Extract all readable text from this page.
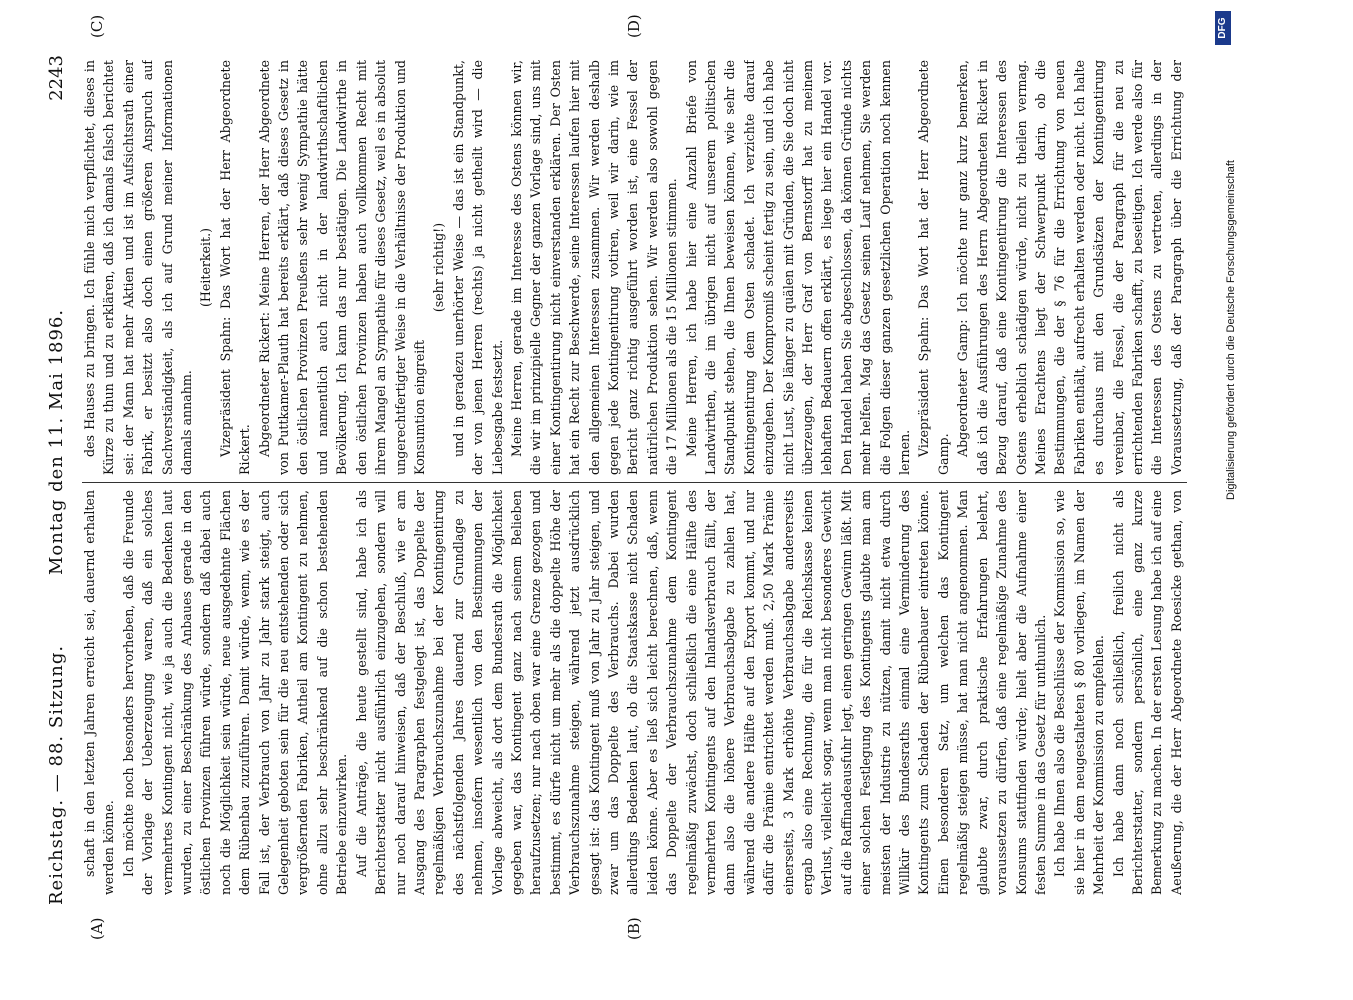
Reichstag. — 88. Sitzung.
Montag den 11. Mai 1896.
2243
(A)	(B)
(C)	(D)

schaft in den letzten Jahren erreicht sei, dauernd erhalten werden könne. Ich möchte noch besonders hervorheben, daß die Freunde der Vorlage der Ueberzeugung waren, daß ein solches vermehrtes Kontingent nicht, wie ja auch die Bedenken laut wurden, zu einer Beschränkung des Anbaues gerade in den östlichen Provinzen führen würde, sondern daß dabei auch noch die Möglichkeit sein würde, neue ausgedehnte Flächen dem Rübenbau zuzuführen. Damit würde, wenn, wie es der Fall ist, der Verbrauch von Jahr zu Jahr stark steigt, auch Gelegenheit geboten sein für die neu entstehenden oder sich vergrößernden Fabriken, Antheil am Kontingent zu nehmen, ohne allzu sehr beschränkend auf die schon bestehenden Betriebe einzuwirken. Auf die Anträge, die heute gestellt sind, habe ich als Berichterstatter nicht ausführlich einzugehen, sondern will nur noch darauf hinweisen, daß der Beschluß, wie er am Ausgang des Paragraphen festgelegt ist, das Doppelte der regelmäßigen Verbrauchszunahme bei der Kontingentirung des nächstfolgenden Jahres dauernd zur Grundlage zu nehmen, insofern wesentlich von den Bestimmungen der Vorlage abweicht, als dort dem Bundesrath die Möglichkeit gegeben war, das Kontingent ganz nach seinem Belieben heraufzusetzen; nur nach oben war eine Grenze gezogen und bestimmt, es dürfe nicht um mehr als die doppelte Höhe der Verbrauchszunahme steigen, während jetzt ausdrücklich gesagt ist: das Kontingent muß von Jahr zu Jahr steigen, und zwar um das Doppelte des Verbrauchs. Dabei wurden allerdings Bedenken laut, ob die Staatskasse nicht Schaden leiden könne. Aber es ließ sich leicht berechnen, daß, wenn das Doppelte der Verbrauchszunahme dem Kontingent regelmäßig zuwächst, doch schließlich die eine Hälfte des vermehrten Kontingents auf den Inlandsverbrauch fällt, der dann also die höhere Verbrauchsabgabe zu zahlen hat, während die andere Hälfte auf den Export kommt, und nur dafür die Prämie entrichtet werden muß. 2,50 Mark Prämie einerseits, 3 Mark erhöhte Verbrauchsabgabe andererseits ergab also eine Rechnung, die für die Reichskasse keinen Verlust, vielleicht sogar, wenn man nicht besonderes Gewicht auf die Raffinadeausfuhr legt, einen geringen Gewinn läßt. Mit einer solchen Festlegung des Kontingents glaubte man am meisten der Industrie zu nützen, damit nicht etwa durch Willkür des Bundesraths einmal eine Verminderung des Kontingents zum Schaden der Rübenbauer eintreten könne. Einen besonderen Satz, um welchen das Kontingent regelmäßig steigen müsse, hat man nicht angenommen. Man glaubte zwar, durch praktische Erfahrungen belehrt, voraussetzen zu dürfen, daß eine regelmäßige Zunahme des Konsums stattfinden würde; hielt aber die Aufnahme einer festen Summe in das Gesetz für unthunlich. Ich habe Ihnen also die Beschlüsse der Kommission so, wie sie hier in dem neugestalteten § 80 vorliegen, im Namen der Mehrheit der Kommission zu empfehlen. Ich habe dann noch schließlich, freilich nicht als Berichterstatter, sondern persönlich, eine ganz kurze Bemerkung zu machen. In der ersten Lesung habe ich auf eine Aeußerung, die der Herr Abgeordnete Roesicke gethan, von

des Hauses zu bringen. Ich fühle mich verpflichtet, dieses in Kürze zu thun und zu erklären, daß ich damals falsch berichtet sei: der Mann hat mehr Aktien und ist im Aufsichtsrath einer Fabrik, er besitzt also doch einen größeren Anspruch auf Sachverständigkeit, als ich auf Grund meiner Informationen damals annahm.

(Heiterkeit.) Vizepräsident Spahn: Das Wort hat der Herr Abgeordnete Rickert. Abgeordneter Rickert: Meine Herren, der Herr Abgeordnete von Puttkamer-Plauth hat bereits erklärt, daß dieses Gesetz in den östlichen Provinzen Preußens sehr wenig Sympathie hätte und namentlich auch nicht in der landwirthschaftlichen Bevölkerung. Ich kann das nur bestätigen. Die Landwirthe in den östlichen Provinzen haben auch vollkommen Recht mit ihrem Mangel an Sympathie für dieses Gesetz, weil es in absolut ungerechtfertigter Weise in die Verhältnisse der Produktion und Konsumtion eingreift

(sehr richtig!) und in geradezu unerhörter Weise — das ist ein Standpunkt, der von jenen Herren (rechts) ja nicht getheilt wird — die Liebesgabe festsetzt. Meine Herren, gerade im Interesse des Ostens können wir, die wir im prinzipielle Gegner der ganzen Vorlage sind, uns mit einer Kontingentirung nicht einverstanden erklären. Der Osten hat ein Recht zur Beschwerde, seine Interessen laufen hier mit den allgemeinen Interessen zusammen. Wir werden deshalb gegen jede Kontingentirung votiren, weil wir darin, wie im Bericht ganz richtig ausgeführt worden ist, eine Fessel der natürlichen Produktion sehen. Wir werden also sowohl gegen die 17 Millionen als die 15 Millionen stimmen. Meine Herren, ich habe hier eine Anzahl Briefe von Landwirthen, die im übrigen nicht auf unserem politischen Standpunkt stehen, die Ihnen beweisen können, wie sehr die Kontingentirung dem Osten schadet. Ich verzichte darauf einzugehen. Der Kompromiß scheint fertig zu sein, und ich habe nicht Lust, Sie länger zu quälen mit Gründen, die Sie doch nicht überzeugen, der Herr Graf von Bernstorff hat zu meinem lebhaften Bedauern offen erklärt, es liege hier ein Handel vor. Den Handel haben Sie abgeschlossen, da können Gründe nichts mehr helfen. Mag das Gesetz seinen Lauf nehmen, Sie werden die Folgen dieser ganzen gesetzlichen Operation noch kennen lernen. Vizepräsident Spahn: Das Wort hat der Herr Abgeordnete Gamp. Abgeordneter Gamp: Ich möchte nur ganz kurz bemerken, daß ich die Ausführungen des Herrn Abgeordneten Rickert in Bezug darauf, daß eine Kontingentirung die Interessen des Ostens erheblich schädigen würde, nicht zu theilen vermag. Meines Erachtens liegt der Schwerpunkt darin, ob die Bestimmungen, die der § 76 für die Errichtung von neuen Fabriken enthält, aufrecht erhalten werden oder nicht. Ich halte es durchaus mit den Grundsätzen der Kontingentirung vereinbar, die Fessel, die der Paragraph für die neu zu errichtenden Fabriken schafft, zu beseitigen. Ich werde also für die Interessen des Ostens zu vertreten, allerdings in der Voraussetzung, daß der Paragraph über die Errichtung der

Digitalisierung gefördert durch die Deutsche Forschungsgemeinschaft
DFG
